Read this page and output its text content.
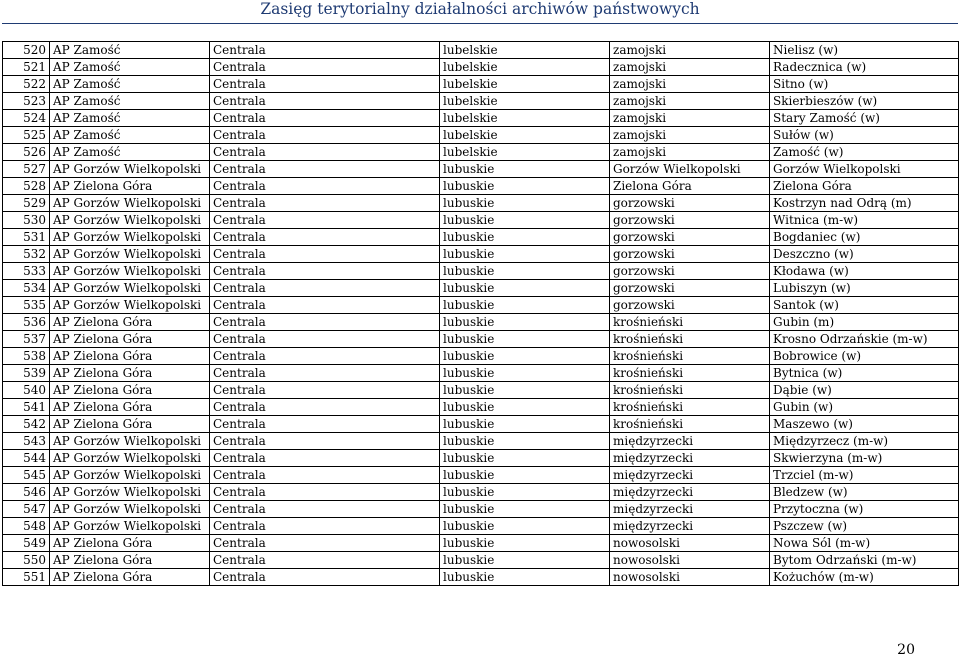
Zasięg terytorialny działalności archiwów państwowych
520	AP Zamość	Centrala	lubelskie	zamojski	Nielisz (w)
521	AP Zamość	Centrala	lubelskie	zamojski	Radecznica (w)
522	AP Zamość	Centrala	lubelskie	zamojski	Sitno (w)
523	AP Zamość	Centrala	lubelskie	zamojski	Skierbieszów (w)
524	AP Zamość	Centrala	lubelskie	zamojski	Stary Zamość (w)
525	AP Zamość	Centrala	lubelskie	zamojski	Sułów (w)
526	AP Zamość	Centrala	lubelskie	zamojski	Zamość (w)
527	AP Gorzów Wielkopolski	Centrala	lubuskie	Gorzów Wielkopolski	Gorzów Wielkopolski
528	AP Zielona Góra	Centrala	lubuskie	Zielona Góra	Zielona Góra
529	AP Gorzów Wielkopolski	Centrala	lubuskie	gorzowski	Kostrzyn nad Odrą (m)
530	AP Gorzów Wielkopolski	Centrala	lubuskie	gorzowski	Witnica (m-w)
531	AP Gorzów Wielkopolski	Centrala	lubuskie	gorzowski	Bogdaniec (w)
532	AP Gorzów Wielkopolski	Centrala	lubuskie	gorzowski	Deszczno (w)
533	AP Gorzów Wielkopolski	Centrala	lubuskie	gorzowski	Kłodawa (w)
534	AP Gorzów Wielkopolski	Centrala	lubuskie	gorzowski	Lubiszyn (w)
535	AP Gorzów Wielkopolski	Centrala	lubuskie	gorzowski	Santok (w)
536	AP Zielona Góra	Centrala	lubuskie	krośnieński	Gubin (m)
537	AP Zielona Góra	Centrala	lubuskie	krośnieński	Krosno Odrzańskie (m-w)
538	AP Zielona Góra	Centrala	lubuskie	krośnieński	Bobrowice (w)
539	AP Zielona Góra	Centrala	lubuskie	krośnieński	Bytnica (w)
540	AP Zielona Góra	Centrala	lubuskie	krośnieński	Dąbie (w)
541	AP Zielona Góra	Centrala	lubuskie	krośnieński	Gubin (w)
542	AP Zielona Góra	Centrala	lubuskie	krośnieński	Maszewo (w)
543	AP Gorzów Wielkopolski	Centrala	lubuskie	międzyrzecki	Międzyrzecz (m-w)
544	AP Gorzów Wielkopolski	Centrala	lubuskie	międzyrzecki	Skwierzyna (m-w)
545	AP Gorzów Wielkopolski	Centrala	lubuskie	międzyrzecki	Trzciel (m-w)
546	AP Gorzów Wielkopolski	Centrala	lubuskie	międzyrzecki	Bledzew (w)
547	AP Gorzów Wielkopolski	Centrala	lubuskie	międzyrzecki	Przytoczna (w)
548	AP Gorzów Wielkopolski	Centrala	lubuskie	międzyrzecki	Pszczew (w)
549	AP Zielona Góra	Centrala	lubuskie	nowosolski	Nowa Sól (m-w)
550	AP Zielona Góra	Centrala	lubuskie	nowosolski	Bytom Odrzański (m-w)
551	AP Zielona Góra	Centrala	lubuskie	nowosolski	Kożuchów (m-w)
20
